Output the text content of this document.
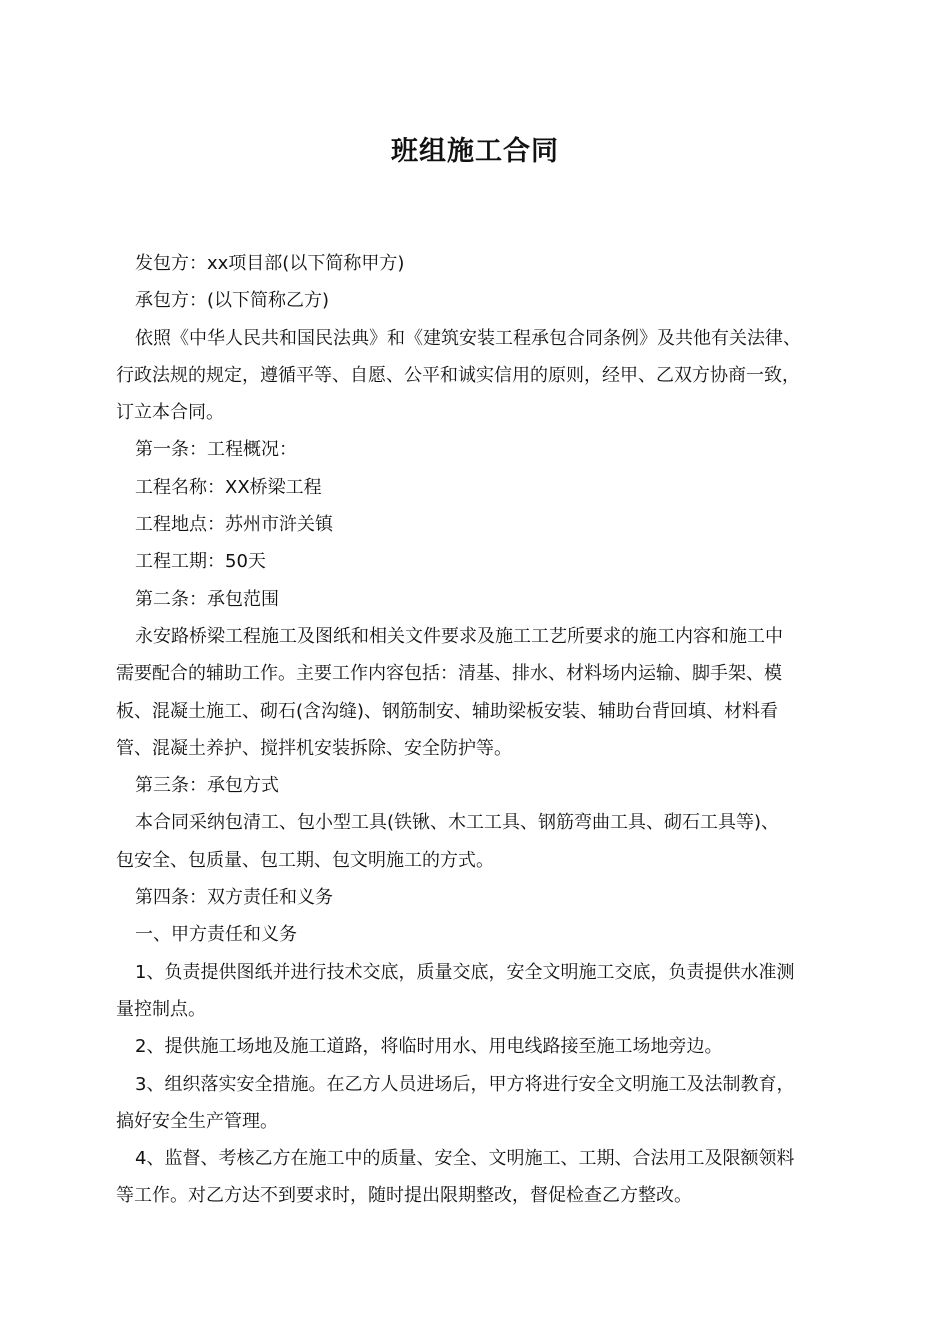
班组施工合同
发包方：xx项目部(以下简称甲方)
承包方：(以下简称乙方)
依照《中华人民共和国民法典》和《建筑安装工程承包合同条例》及共他有关法律、
行政法规的规定，遵循平等、自愿、公平和诚实信用的原则，经甲、乙双方协商一致，
订立本合同。
第一条：工程概况：
工程名称：XX桥梁工程
工程地点：苏州市浒关镇
工程工期：50天
第二条：承包范围
永安路桥梁工程施工及图纸和相关文件要求及施工工艺所要求的施工内容和施工中
需要配合的辅助工作。主要工作内容包括：清基、排水、材料场内运输、脚手架、模
板、混凝土施工、砌石(含沟缝)、钢筋制安、辅助梁板安装、辅助台背回填、材料看
管、混凝土养护、搅拌机安装拆除、安全防护等。
第三条：承包方式
本合同采纳包清工、包小型工具(铁锹、木工工具、钢筋弯曲工具、砌石工具等)、
包安全、包质量、包工期、包文明施工的方式。
第四条：双方责任和义务
一、甲方责任和义务
1、负责提供图纸并进行技术交底，质量交底，安全文明施工交底，负责提供水准测
量控制点。
2、提供施工场地及施工道路，将临时用水、用电线路接至施工场地旁边。
3、组织落实安全措施。在乙方人员进场后，甲方将进行安全文明施工及法制教育，
搞好安全生产管理。
4、监督、考核乙方在施工中的质量、安全、文明施工、工期、合法用工及限额领料
等工作。对乙方达不到要求时，随时提出限期整改，督促检查乙方整改。
